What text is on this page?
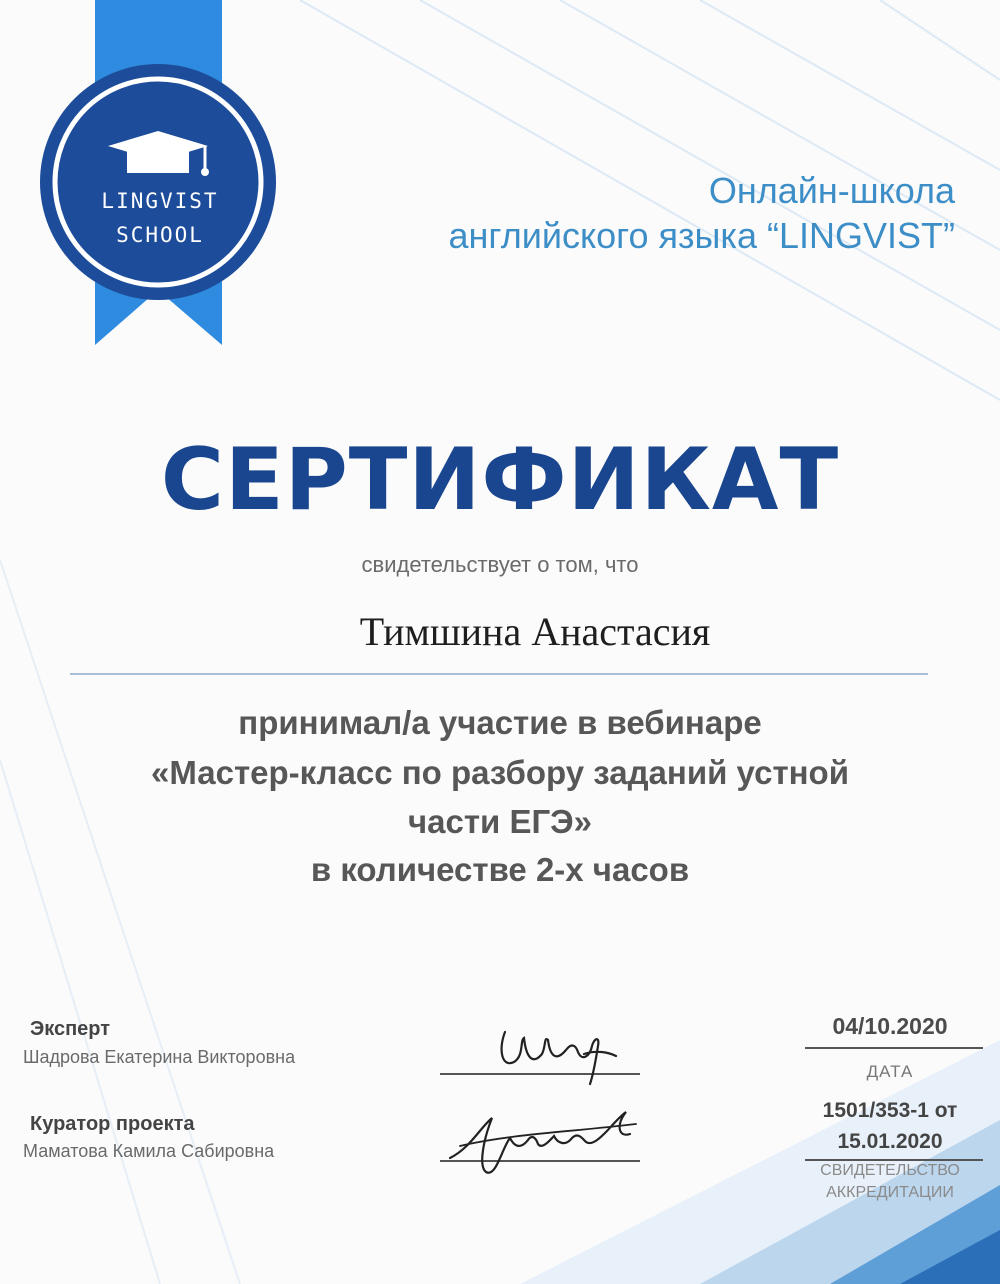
LINGVIST
SCHOOL
Онлайн-школа
английского языка “LINGVIST”
СЕРТИФИКАТ
свидетельствует о том, что
Тимшина Анастасия
принимал/а участие в вебинаре
«Мастер-класс по разбору заданий устной
части ЕГЭ»
в количестве 2-х часов
Эксперт
Шадрова Екатерина Викторовна
Куратор проекта
Маматова Камила Сабировна
04/10.2020
ДАТА
1501/353-1 от
15.01.2020
СВИДЕТЕЛЬСТВО
АККРЕДИТАЦИИ
